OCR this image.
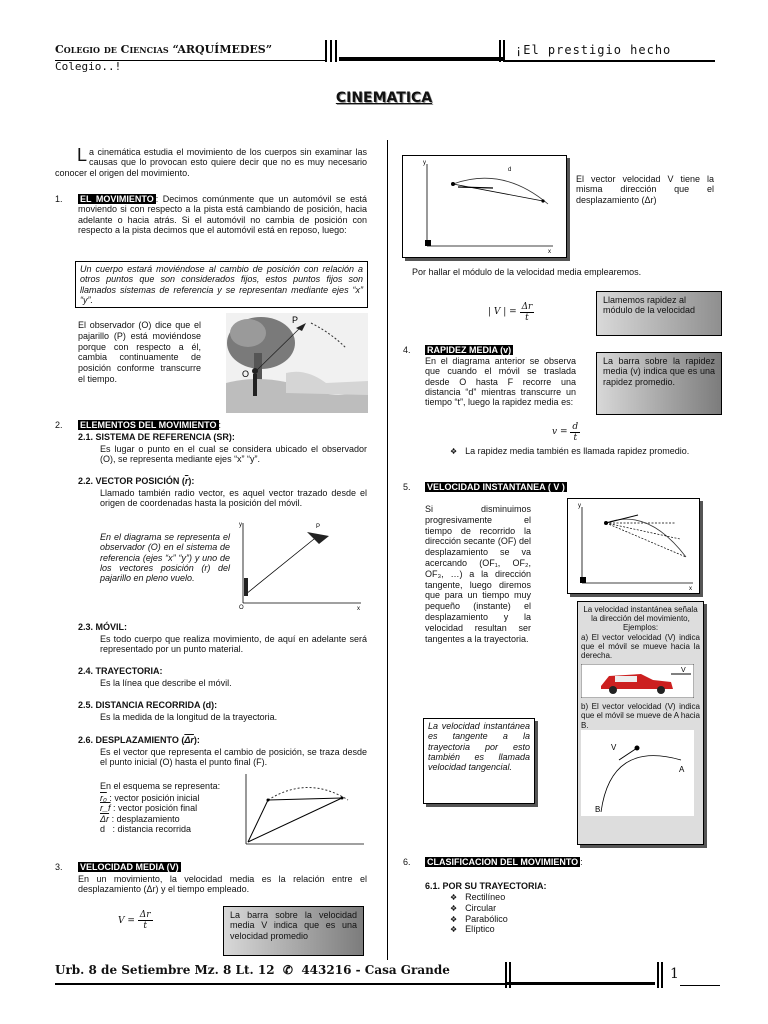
Colegio de Ciencias “ARQUÍMEDES”
Colegio..!
¡El prestigio hecho
CINEMATICA
L a cinemática estudia el movimiento de los cuerpos sin examinar las causas que lo provocan esto quiere decir que no es muy necesario conocer el origen del movimiento.
1. EL MOVIMIENTO : Decimos comúnmente que un automóvil se está moviendo si con respecto a la pista está cambiando de posición, hacia adelante o hacia atrás. Si el automóvil no cambia de posición con respecto a la pista decimos que el automóvil está en reposo, luego:
Un cuerpo estará moviéndose al cambio de posición con relación a otros puntos que son considerados fijos, estos puntos fijos son llamados sistemas de referencia y se representan mediante ejes “x” “y”.
El observador (O) dice que el pajarillo (P) está moviéndose porque con respecto a él, cambia continuamente de posición conforme transcurre el tiempo.
P
O
2. ELEMENTOS DEL MOVIMIENTO :
2.1. SISTEMA DE REFERENCIA (SR):
Es lugar o punto en el cual se considera ubicado el observador (O), se representa mediante ejes “x” “y”.
2.2. VECTOR POSICIÓN $(\overline{r})$:
Llamado también radio vector, es aquel vector trazado desde el origen de coordenadas hasta la posición del móvil.
En el diagrama se representa el observador (O) en el sistema de referencia (ejes “x” “y”) y uno de los vectores posición (r) del pajarillo en pleno vuelo.
y
x
O
P
2.3. MÓVIL:
Es todo cuerpo que realiza movimiento, de aquí en adelante será representado por un punto material.
2.4. TRAYECTORIA:
Es la línea que describe el móvil.
2.5. DISTANCIA RECORRIDA (d):
Es la medida de la longitud de la trayectoria.
2.6. DESPLAZAMIENTO $(\overline{\Delta r})$:
Es el vector que representa el cambio de posición, se traza desde el punto inicial (O) hasta el punto final (F).
En el esquema se representa:
r₀ : vector posición inicial
r_f : vector posición final
$\overline{\Delta r}$ : desplazamiento
d : distancia recorrida
3. VELOCIDAD MEDIA (V)
En un movimiento, la velocidad media es la relación entre el desplazamiento (Δr) y el tiempo empleado.
$V = \frac{\Delta r}{t}$	La barra sobre la velocidad media V indica que es una velocidad promedio
y
x
d
El vector velocidad V tiene la misma dirección que el desplazamiento (Δr)
Por hallar el módulo de la velocidad media emplearemos.
| V | = $\frac{\Delta r}{t}$
Llamemos rapidez al módulo de la velocidad
4. RAPIDEZ MEDIA (v)
En el diagrama anterior se observa que cuando el móvil se traslada desde O hasta F recorre una distancia “d” mientras transcurre un tiempo “t”, luego la rapidez media es:
La barra sobre la rapidez media (v) indica que es una rapidez promedio.
$v = \frac{d}{t}$
❖ La rapidez media también es llamada rapidez promedio.
5. VELOCIDAD INSTANTANEA ( V )
Si disminuimos progresivamente el tiempo de recorrido la dirección secante (OF) del desplazamiento se va acercando (OF₁, OF₂, OF₃, …) a la dirección tangente, luego diremos que para un tiempo muy pequeño (instante) el desplazamiento y la velocidad resultan ser tangentes a la trayectoria.
y
x
La velocidad instantánea señala la dirección del movimiento, Ejemplos:
a) El vector velocidad (V) indica que el móvil se mueve hacia la derecha.
V
b) El vector velocidad (V) indica que el móvil se mueve de A hacia B.
V
A
B
La velocidad instantánea es tangente a la trayectoria por esto también es llamada velocidad tangencial.
6. CLASIFICACION DEL MOVIMIENTO :
6.1. POR SU TRAYECTORIA:
❖ Rectilíneo
❖ Circular
❖ Parabólico
❖ Elíptico
Urb. 8 de Setiembre Mz. 8 Lt. 12 ✆ 443216 - Casa Grande	1
